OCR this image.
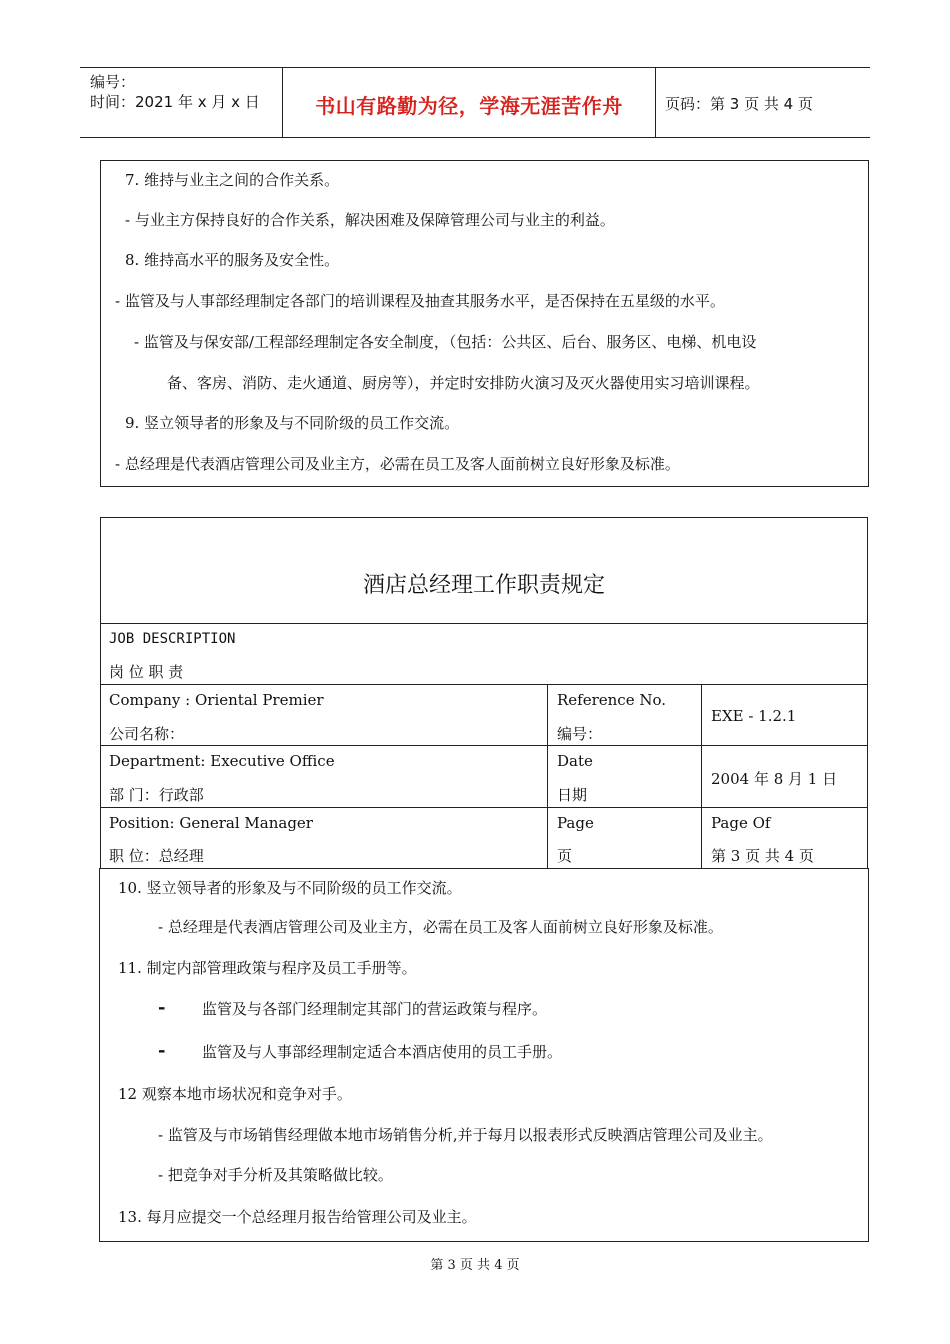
编号：
时间：2021 年 x 月 x 日	书山有路勤为径，学海无涯苦作舟	页码：第 3 页 共 4 页
7. 维持与业主之间的合作关系。
- 与业主方保持良好的合作关系，解决困难及保障管理公司与业主的利益。
8. 维持高水平的服务及安全性。
- 监管及与人事部经理制定各部门的培训课程及抽查其服务水平，是否保持在五星级的水平。
- 监管及与保安部/工程部经理制定各安全制度，（包括：公共区、后台、服务区、电梯、机电设
备、客房、消防、走火通道、厨房等），并定时安排防火演习及灭火器使用实习培训课程。
9. 竖立领导者的形象及与不同阶级的员工作交流。
- 总经理是代表酒店管理公司及业主方，必需在员工及客人面前树立良好形象及标准。
酒店总经理工作职责规定
JOB DESCRIPTION
岗 位 职 责
Company : Oriental Premier
公司名称：
Reference No.
编号：
EXE - 1.2.1
Department: Executive Office
部 门：行政部
Date
日期
2004 年 8 月 1 日
Position: General Manager
职 位：总经理
Page
页
Page Of
第 3 页 共 4 页
10. 竖立领导者的形象及与不同阶级的员工作交流。
- 总经理是代表酒店管理公司及业主方，必需在员工及客人面前树立良好形象及标准。
11. 制定内部管理政策与程序及员工手册等。
- 监管及与各部门经理制定其部门的营运政策与程序。
- 监管及与人事部经理制定适合本酒店使用的员工手册。
12 观察本地市场状况和竞争对手。
- 监管及与市场销售经理做本地市场销售分析,并于每月以报表形式反映酒店管理公司及业主。
- 把竞争对手分析及其策略做比较。
13. 每月应提交一个总经理月报告给管理公司及业主。
第 3 页 共 4 页
